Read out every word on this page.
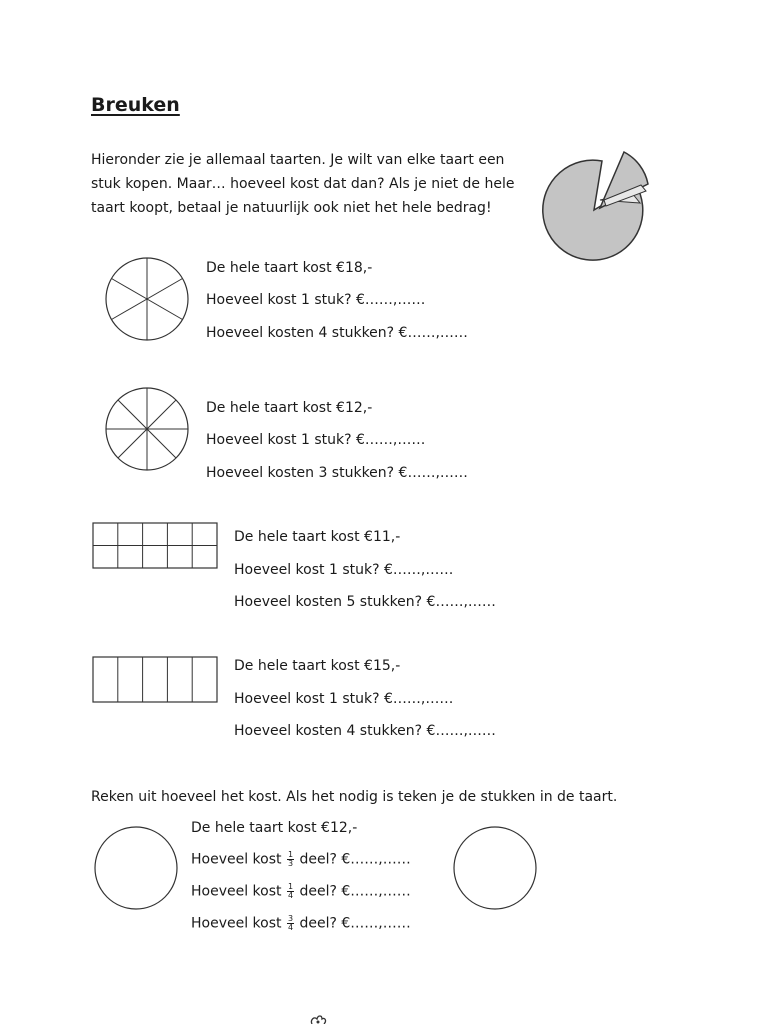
Breuken
Hieronder zie je allemaal taarten. Je wilt van elke taart een
stuk kopen. Maar… hoeveel kost dat dan? Als je niet de hele
taart koopt, betaal je natuurlijk ook niet het hele bedrag!
De hele taart kost €18,-
Hoeveel kost 1 stuk? €……,……
Hoeveel kosten 4 stukken? €……,……
De hele taart kost €12,-
Hoeveel kost 1 stuk? €……,……
Hoeveel kosten 3 stukken? €……,……
De hele taart kost €11,-
Hoeveel kost 1 stuk? €……,……
Hoeveel kosten 5 stukken? €……,……
De hele taart kost €15,-
Hoeveel kost 1 stuk? €……,……
Hoeveel kosten 4 stukken? €……,……
Reken uit hoeveel het kost. Als het nodig is teken je de stukken in de taart.
De hele taart kost €12,-
Hoeveel kost $\frac{1}{3}$ deel? €……,……
Hoeveel kost $\frac{1}{4}$ deel? €……,……
Hoeveel kost $\frac{3}{4}$ deel? €……,……
